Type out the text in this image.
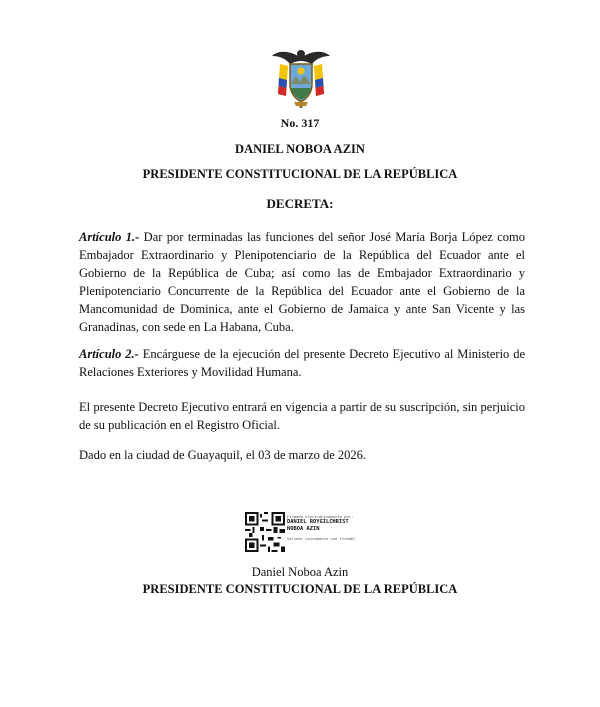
No. 317
DANIEL NOBOA AZIN
PRESIDENTE CONSTITUCIONAL DE LA REPÚBLICA
DECRETA:

Artículo 1.- Dar por terminadas las funciones del señor José María Borja López como Embajador Extraordinario y Plenipotenciario de la República del Ecuador ante el Gobierno de la República de Cuba; así como las de Embajador Extraordinario y Plenipotenciario Concurrente de la República del Ecuador ante el Gobierno de la Mancomunidad de Dominica, ante el Gobierno de Jamaica y ante San Vicente y las Granadinas, con sede en La Habana, Cuba.

Artículo 2.- Encárguese de la ejecución del presente Decreto Ejecutivo al Ministerio de Relaciones Exteriores y Movilidad Humana.

El presente Decreto Ejecutivo entrará en vigencia a partir de su suscripción, sin perjuicio de su publicación en el Registro Oficial.

Dado en la ciudad de Guayaquil, el 03 de marzo de 2026.

Firmado electrónicamente por:
DANIEL ROYGILCHRIST
NOBOA AZIN
Validar únicamente con FirmaEC
Daniel Noboa Azin
PRESIDENTE CONSTITUCIONAL DE LA REPÚBLICA
